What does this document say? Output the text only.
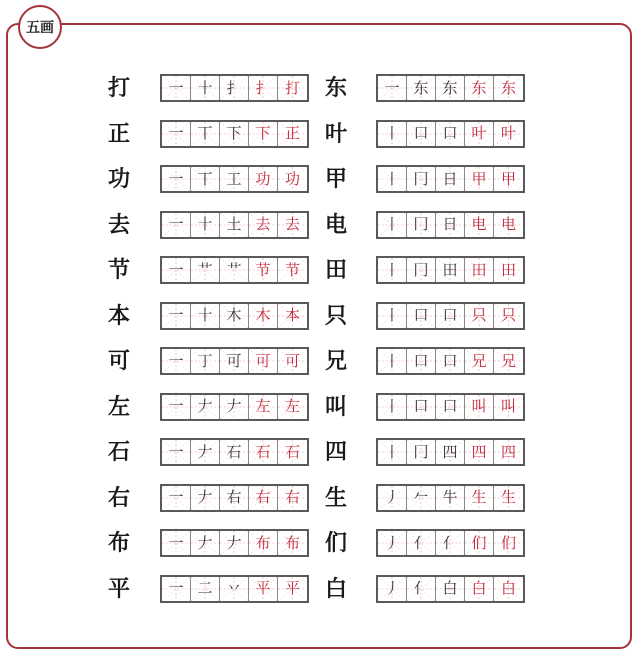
五画
打	一 十 扌 扌 打
正	一 丅 下 下 正
功	一 丅 工 功 功
去	一 十 土 去 去
节	一 艹 艹 节 节
本	一 十 木 木 本
可	一 丁 可 可 可
左	一 𠂇 𠂇 左 左
石	一 𠂇 石 石 石
右	一 𠂇 右 右 右
布	一 𠂇 𠂇 布 布
平	一 二 丷 平 平
东	一 东 东 东 东
叶	丨 口 口 叶 叶
甲	丨 冂 日 甲 甲
电	丨 冂 日 电 电
田	丨 冂 田 田 田
只	丨 口 口 只 只
兄	丨 口 口 兄 兄
叫	丨 口 口 叫 叫
四	丨 冂 四 四 四
生	丿 𠂉 牛 生 生
们	丿 亻 亻 们 们
白	丿 亻 白 白 白
